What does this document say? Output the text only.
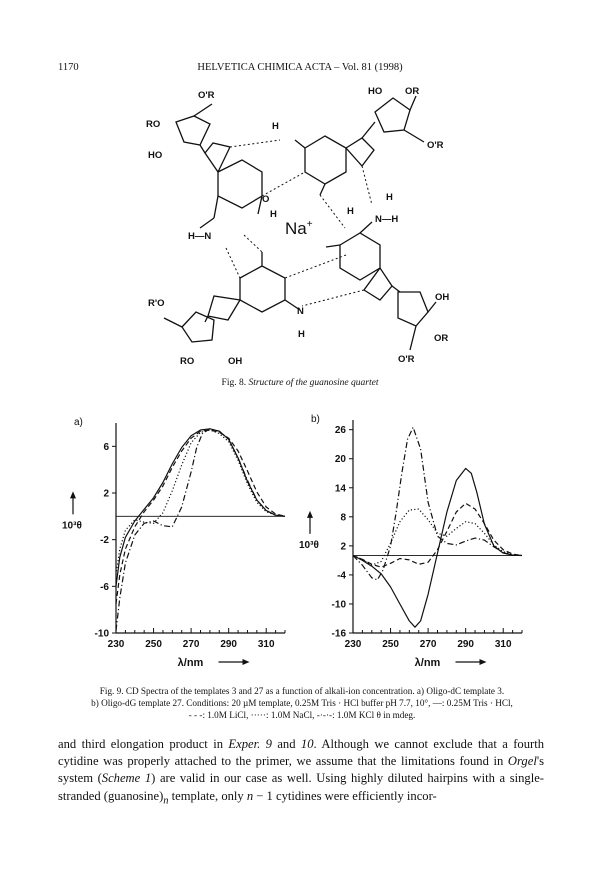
1170	HELVETICA CHIMICA ACTA – Vol. 81 (1998)
O'R	HO OR
RO
HO
O'R
H—N
N—H
R'O
OH
OR
RO	OH	O'R
H
H
O
N
H
H
H
Na+
Fig. 8. Structure of the guanosine quartet
230 250 270 290 310
6
2
-2
-6
-10
a)
10³θ
λ/nm
230 250 270 290 310
26
20
14
8
2
-4
-10
-16
b)
10³θ
λ/nm
Fig. 9. CD Spectra of the templates 3 and 27 as a function of alkali-ion concentration. a) Oligo-dC template 3.
b) Oligo-dG template 27. Conditions: 20 µM template, 0.25M Tris · HCl buffer pH 7.7, 10°, —: 0.25M Tris · HCl,
- - -: 1.0M LiCl, ·····: 1.0M NaCl, -·-·-: 1.0M KCl θ in mdeg.

and third elongation product in Exper. 9 and 10. Although we cannot exclude that a fourth cytidine was properly attached to the primer, we assume that the limitations found in Orgel's system (Scheme 1) are valid in our case as well. Using highly diluted hairpins with a single-stranded $(guanosine)_n$ template, only n − 1 cytidines were efficiently incor-
